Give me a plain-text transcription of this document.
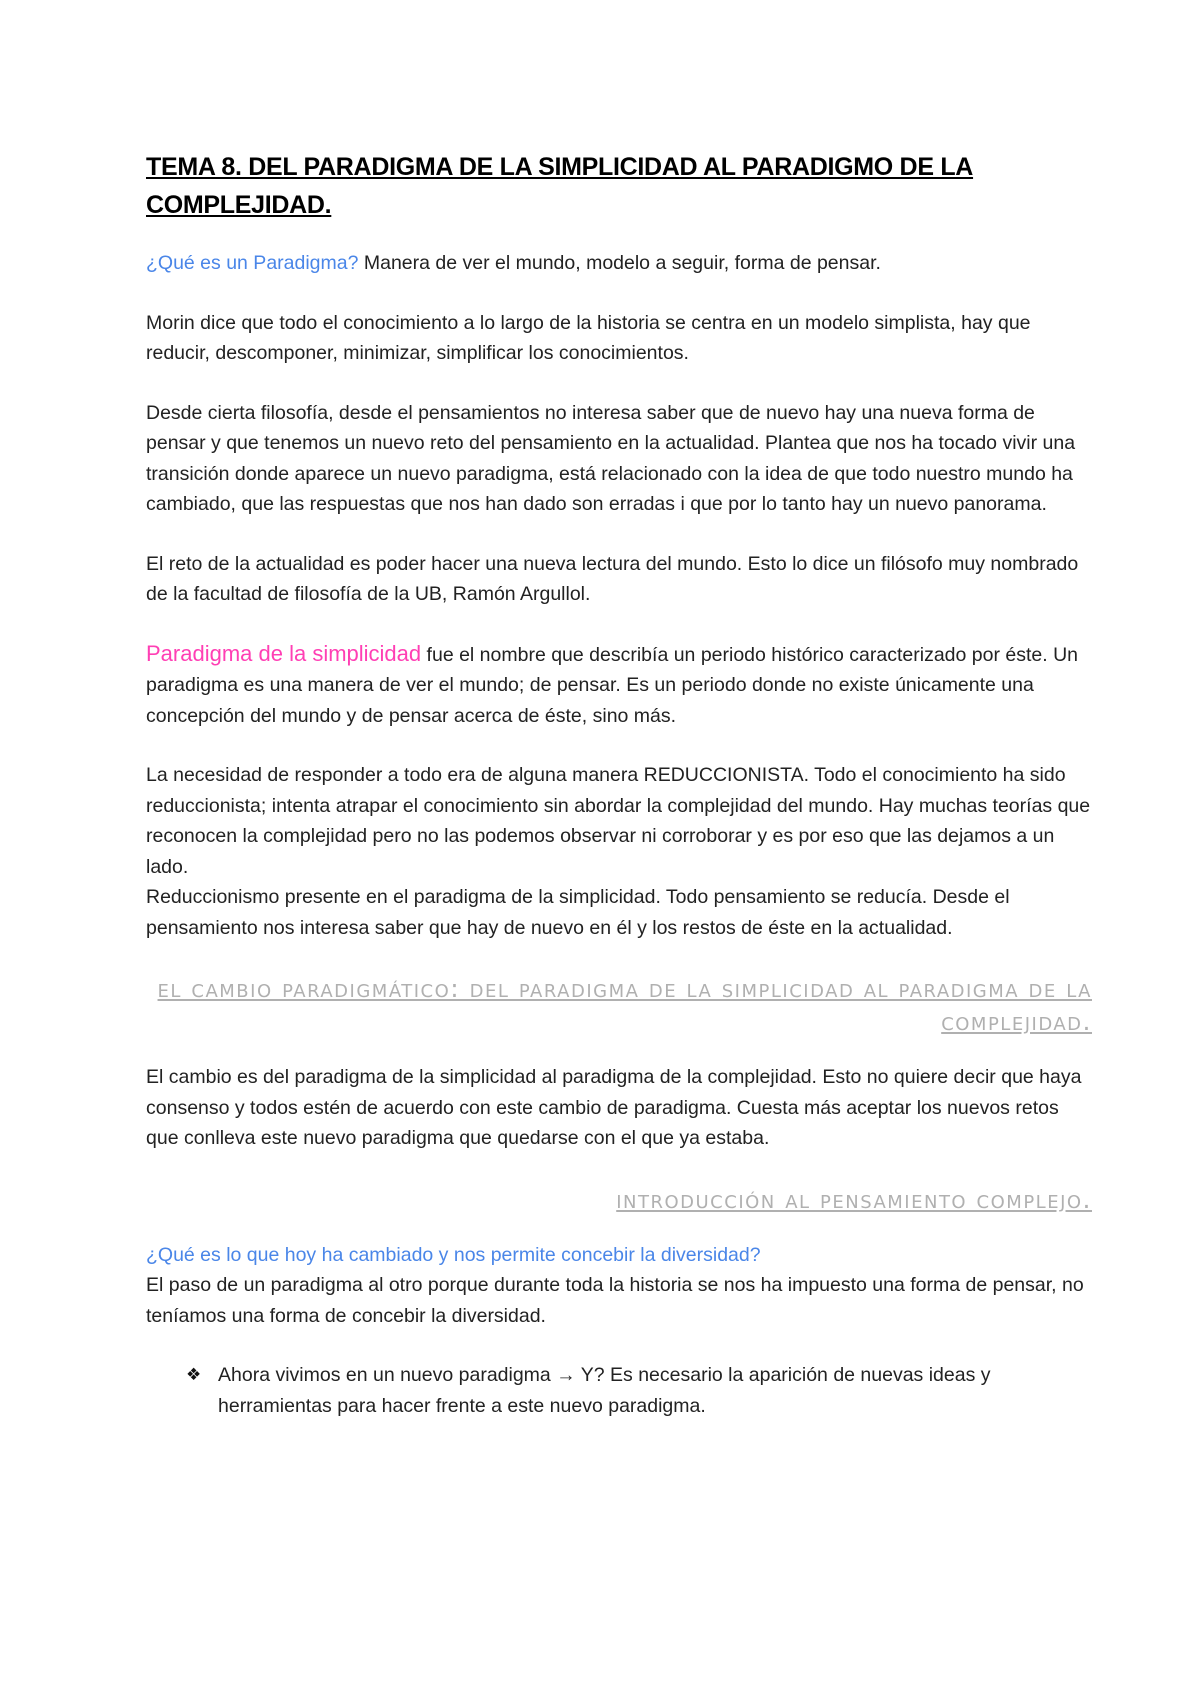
TEMA 8. DEL PARADIGMA DE LA SIMPLICIDAD AL PARADIGMO DE LA COMPLEJIDAD.

¿Qué es un Paradigma? Manera de ver el mundo, modelo a seguir, forma de pensar.

Morin dice que todo el conocimiento a lo largo de la historia se centra en un modelo simplista, hay que reducir, descomponer, minimizar, simplificar los conocimientos.

Desde cierta filosofía, desde el pensamientos no interesa saber que de nuevo hay una nueva forma de pensar y que tenemos un nuevo reto del pensamiento en la actualidad. Plantea que nos ha tocado vivir una transición donde aparece un nuevo paradigma, está relacionado con la idea de que todo nuestro mundo ha cambiado, que las respuestas que nos han dado son erradas i que por lo tanto hay un nuevo panorama.

El reto de la actualidad es poder hacer una nueva lectura del mundo. Esto lo dice un filósofo muy nombrado de la facultad de filosofía de la UB, Ramón Argullol.

Paradigma de la simplicidad fue el nombre que describía un periodo histórico caracterizado por éste. Un paradigma es una manera de ver el mundo; de pensar. Es un periodo donde no existe únicamente una concepción del mundo y de pensar acerca de éste, sino más.

La necesidad de responder a todo era de alguna manera REDUCCIONISTA. Todo el conocimiento ha sido reduccionista; intenta atrapar el conocimiento sin abordar la complejidad del mundo. Hay muchas teorías que reconocen la complejidad pero no las podemos observar ni corroborar y es por eso que las dejamos a un lado.

Reduccionismo presente en el paradigma de la simplicidad. Todo pensamiento se reducía. Desde el pensamiento nos interesa saber que hay de nuevo en él y los restos de éste en la actualidad.

el cambio paradigmático: del paradigma de la simplicidad al paradigma de la complejidad.

El cambio es del paradigma de la simplicidad al paradigma de la complejidad. Esto no quiere decir que haya consenso y todos estén de acuerdo con este cambio de paradigma. Cuesta más aceptar los nuevos retos que conlleva este nuevo paradigma que quedarse con el que ya estaba.

introducción al pensamiento complejo.

¿Qué es lo que hoy ha cambiado y nos permite concebir la diversidad?

El paso de un paradigma al otro porque durante toda la historia se nos ha impuesto una forma de pensar, no teníamos una forma de concebir la diversidad.

❖ Ahora vivimos en un nuevo paradigma → Y? Es necesario la aparición de nuevas ideas y herramientas para hacer frente a este nuevo paradigma.
